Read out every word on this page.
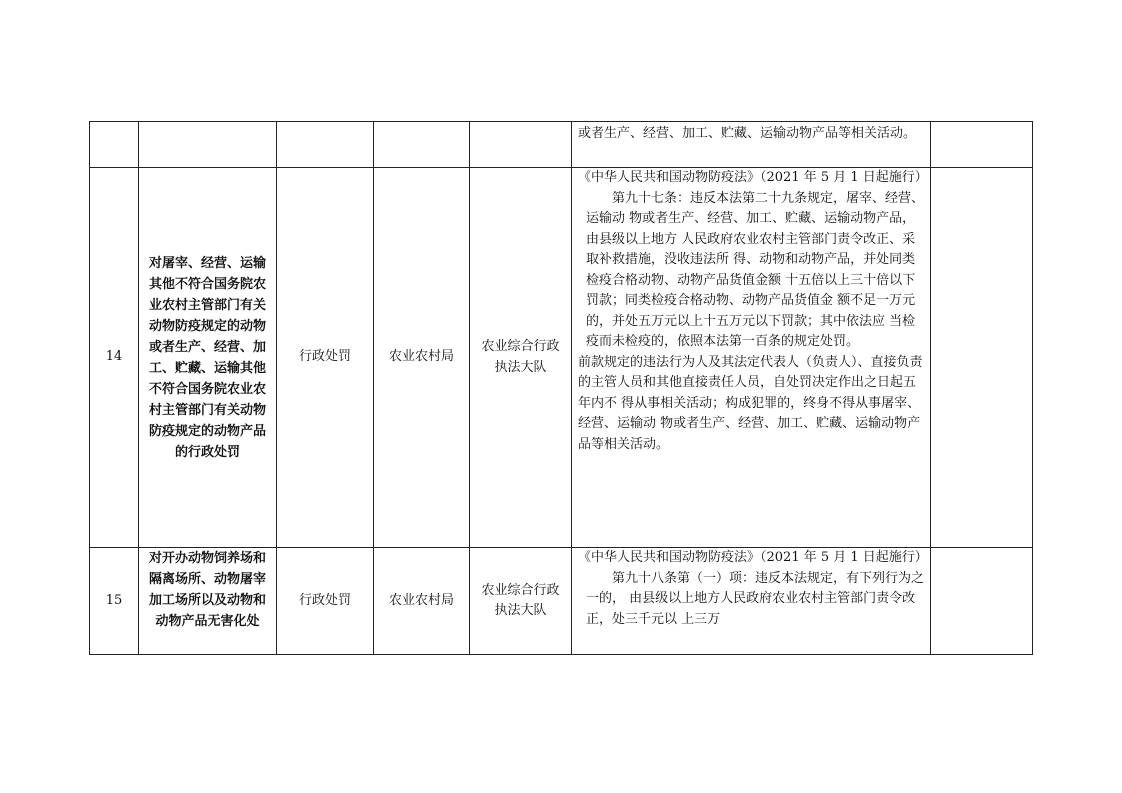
					或者生产、经营、加工、贮藏、运输动物产品等相关活动。	

14	对屠宰、经营、运输其他不符合国务院农业农村主管部门有关动物防疫规定的动物或者生产、经营、加工、贮藏、运输其他不符合国务院农业农村主管部门有关动物防疫规定的动物产品的行政处罚	行政处罚	农业农村局	农业综合行政执法大队	《中华人民共和国动物防疫法》（2021 年 5 月 1 日起施行）
第九十七条：违反本法第二十九条规定，屠宰、经营、运输动 物或者生产、经营、加工、贮藏、运输动物产品，由县级以上地方 人民政府农业农村主管部门责令改正、采取补救措施，没收违法所 得、动物和动物产品，并处同类检疫合格动物、动物产品货值金额 十五倍以上三十倍以下罚款；同类检疫合格动物、动物产品货值金 额不足一万元的，并处五万元以上十五万元以下罚款；其中依法应 当检疫而未检疫的，依照本法第一百条的规定处罚。
前款规定的违法行为人及其法定代表人（负责人）、直接负责 的主管人员和其他直接责任人员，自处罚决定作出之日起五年内不 得从事相关活动；构成犯罪的，终身不得从事屠宰、经营、运输动 物或者生产、经营、加工、贮藏、运输动物产品等相关活动。	

15	对开办动物饲养场和隔离场所、动物屠宰加工场所以及动物和动物产品无害化处	行政处罚	农业农村局	农业综合行政执法大队	《中华人民共和国动物防疫法》（2021 年 5 月 1 日起施行）
第九十八条第（一）项：违反本法规定，有下列行为之一的， 由县级以上地方人民政府农业农村主管部门责令改正，处三千元以 上三万	
